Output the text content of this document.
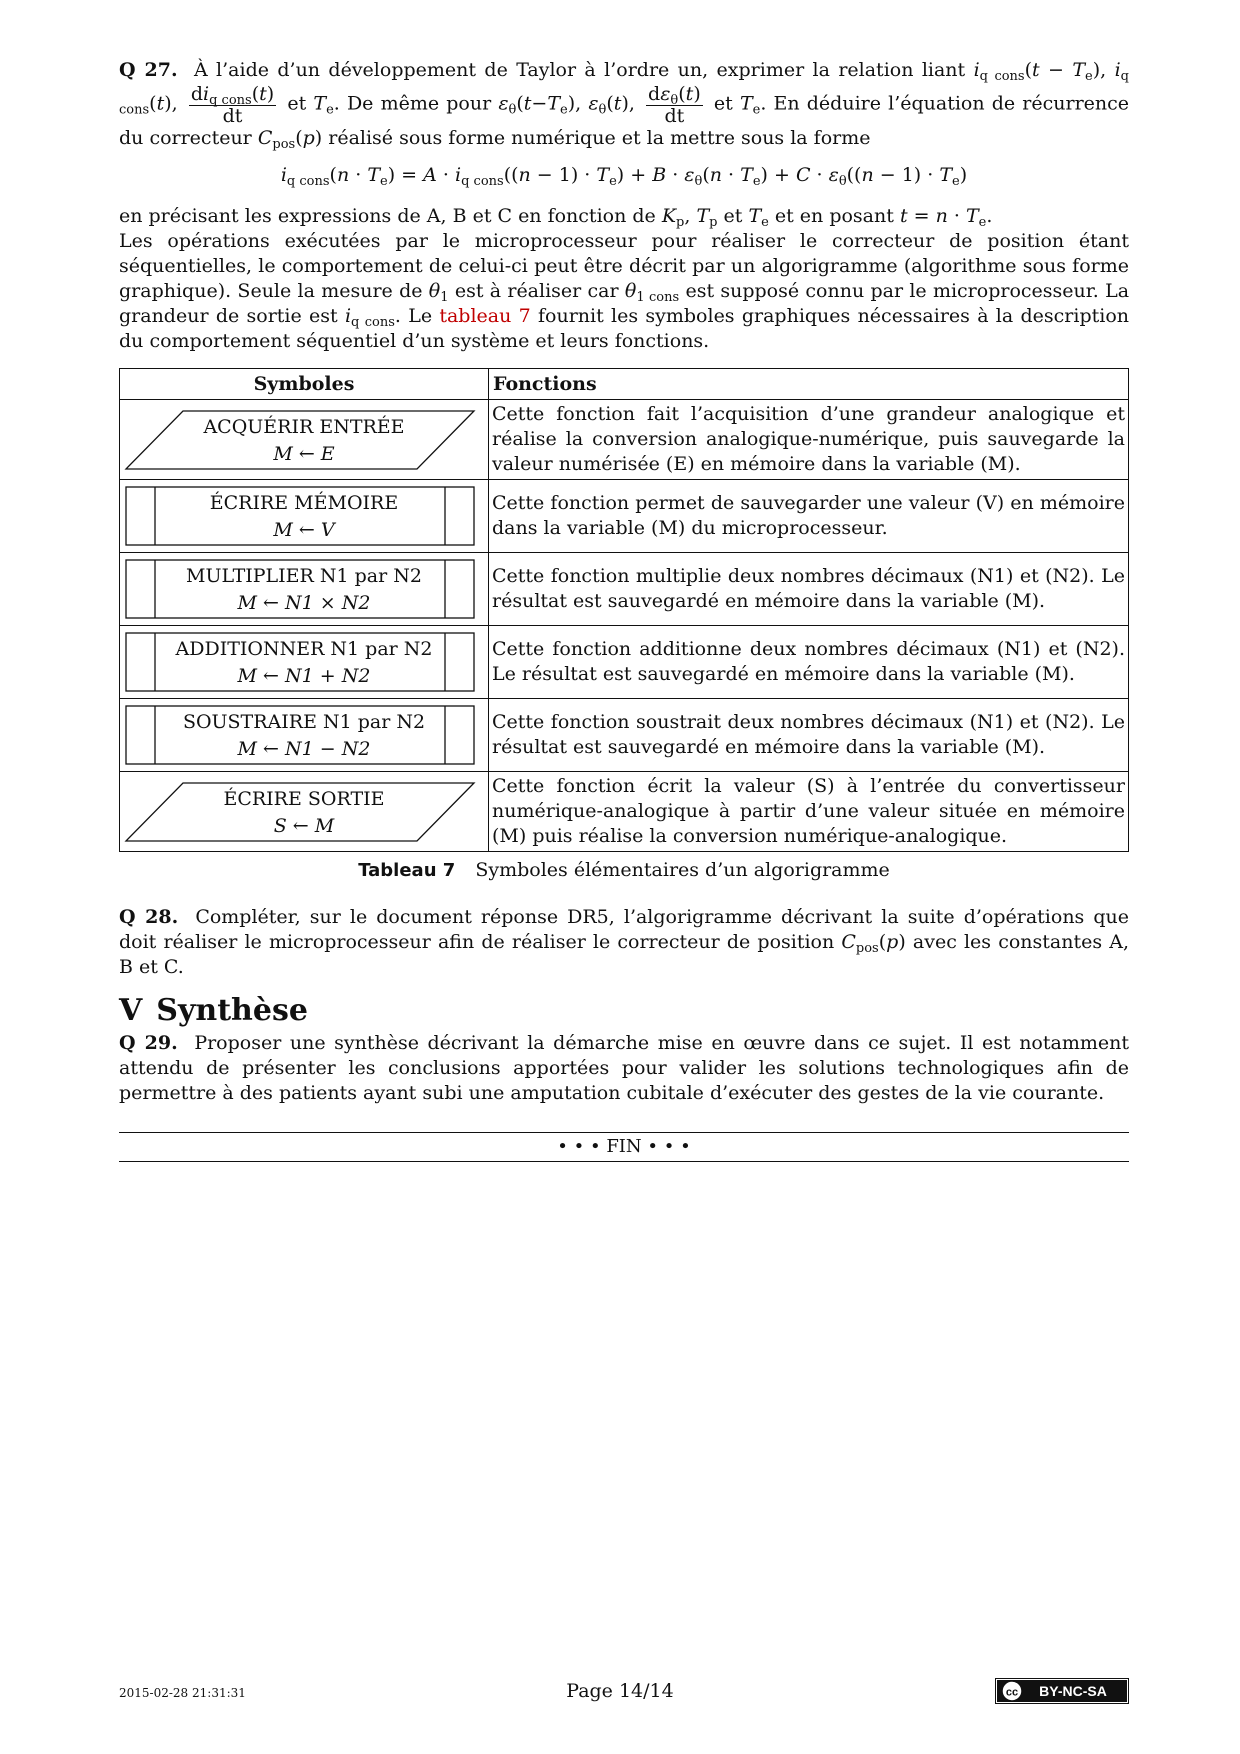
Q 27. À l’aide d’un développement de Taylor à l’ordre un, exprimer la relation liant $i_{q cons}(t - T_e)$, $i_{q cons}(t)$, $\frac{di_{q cons}(t)}{dt}$ et $T_e$. De même pour $\varepsilon_\theta(t-T_e)$, $\varepsilon_\theta(t)$, $\frac{d\varepsilon_\theta(t)}{dt}$ et $T_e$. En déduire l’équation de récurrence du correcteur $C_{pos}(p)$ réalisé sous forme numérique et la mettre sous la forme

$i_{q cons}(n \cdot T_e) = A \cdot i_{q cons}((n - 1) \cdot T_e) + B \cdot \varepsilon_\theta(n \cdot T_e) + C \cdot \varepsilon_\theta((n - 1) \cdot T_e)$

en précisant les expressions de A, B et C en fonction de $K_p$, $T_p$ et $T_e$ et en posant $t = n \cdot T_e$.

Les opérations exécutées par le microprocesseur pour réaliser le correcteur de position étant séquentielles, le comportement de celui-ci peut être décrit par un algorigramme (algorithme sous forme graphique). Seule la mesure de $\theta_1$ est à réaliser car $\theta_{1 cons}$ est supposé connu par le microprocesseur. La grandeur de sortie est $i_{q cons}$. Le tableau 7 fournit les symboles graphiques nécessaires à la description du comportement séquentiel d’un système et leurs fonctions.

Symboles	Fonctions

ACQUÉRIR ENTRÉE
M ← E	Cette fonction fait l’acquisition d’une grandeur analogique et réalise la conversion analogique-numérique, puis sauvegarde la valeur numérisée (E) en mémoire dans la variable (M).

ÉCRIRE MÉMOIRE
M ← V	Cette fonction permet de sauvegarder une valeur (V) en mémoire dans la variable (M) du microprocesseur.

MULTIPLIER N1 par N2
M ← N1 × N2	Cette fonction multiplie deux nombres décimaux (N1) et (N2). Le résultat est sauvegardé en mémoire dans la variable (M).

ADDITIONNER N1 par N2
M ← N1 + N2	Cette fonction additionne deux nombres décimaux (N1) et (N2). Le résultat est sauvegardé en mémoire dans la variable (M).

SOUSTRAIRE N1 par N2
M ← N1 − N2	Cette fonction soustrait deux nombres décimaux (N1) et (N2). Le résultat est sauvegardé en mémoire dans la variable (M).

ÉCRIRE SORTIE
S ← M	Cette fonction écrit la valeur (S) à l’entrée du convertisseur numérique-analogique à partir d’une valeur située en mémoire (M) puis réalise la conversion numérique-analogique.
Tableau 7 Symboles élémentaires d’un algorigramme

Q 28. Compléter, sur le document réponse DR5, l’algorigramme décrivant la suite d’opérations que doit réaliser le microprocesseur afin de réaliser le correcteur de position $C_{pos}(p)$ avec les constantes A, B et C.

V Synthèse

Q 29. Proposer une synthèse décrivant la démarche mise en œuvre dans ce sujet. Il est notamment attendu de présenter les conclusions apportées pour valider les solutions technologiques afin de permettre à des patients ayant subi une amputation cubitale d’exécuter des gestes de la vie courante.

• • • FIN • • •
2015-02-28 21:31:31	Page 14/14	cc BY-NC-SA
